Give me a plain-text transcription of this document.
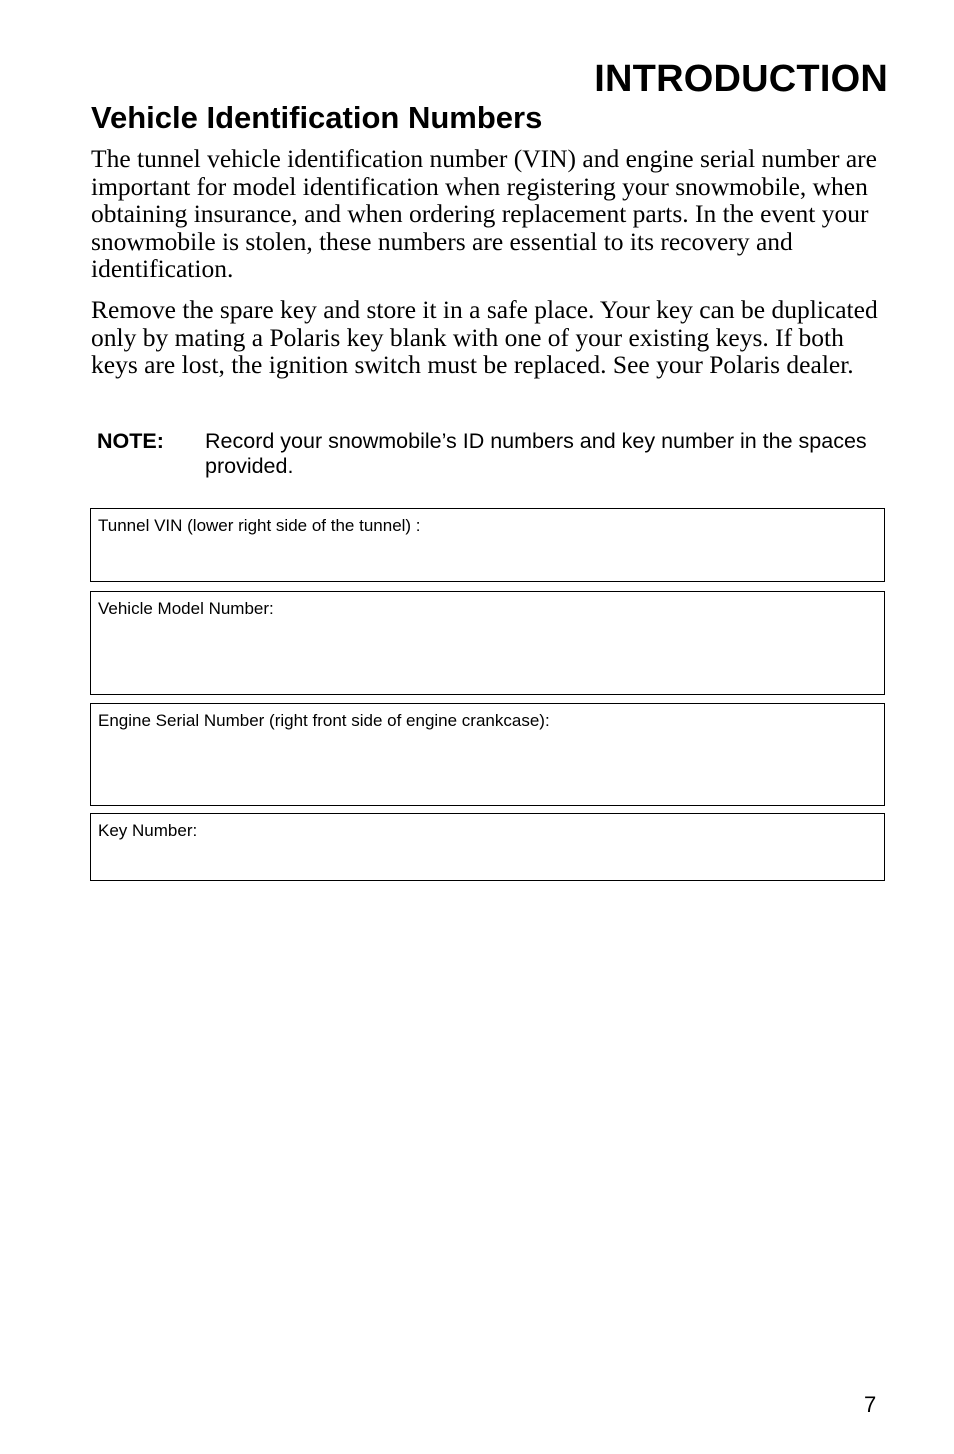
INTRODUCTION
Vehicle Identification Numbers

The tunnel vehicle identification number (VIN) and engine serial number are important for model identification when registering your snowmobile, when obtaining insurance, and when ordering replacement parts. In the event your snowmobile is stolen, these numbers are essential to its recovery and identification.

Remove the spare key and store it in a safe place. Your key can be duplicated only by mating a Polaris key blank with one of your existing keys. If both keys are lost, the ignition switch must be replaced. See your Polaris dealer.

NOTE:	Record your snowmobile’s ID numbers and key number in the spaces provided.
Tunnel VIN (lower right side of the tunnel) :
Vehicle Model Number:
Engine Serial Number (right front side of engine crankcase):
Key Number:
7
